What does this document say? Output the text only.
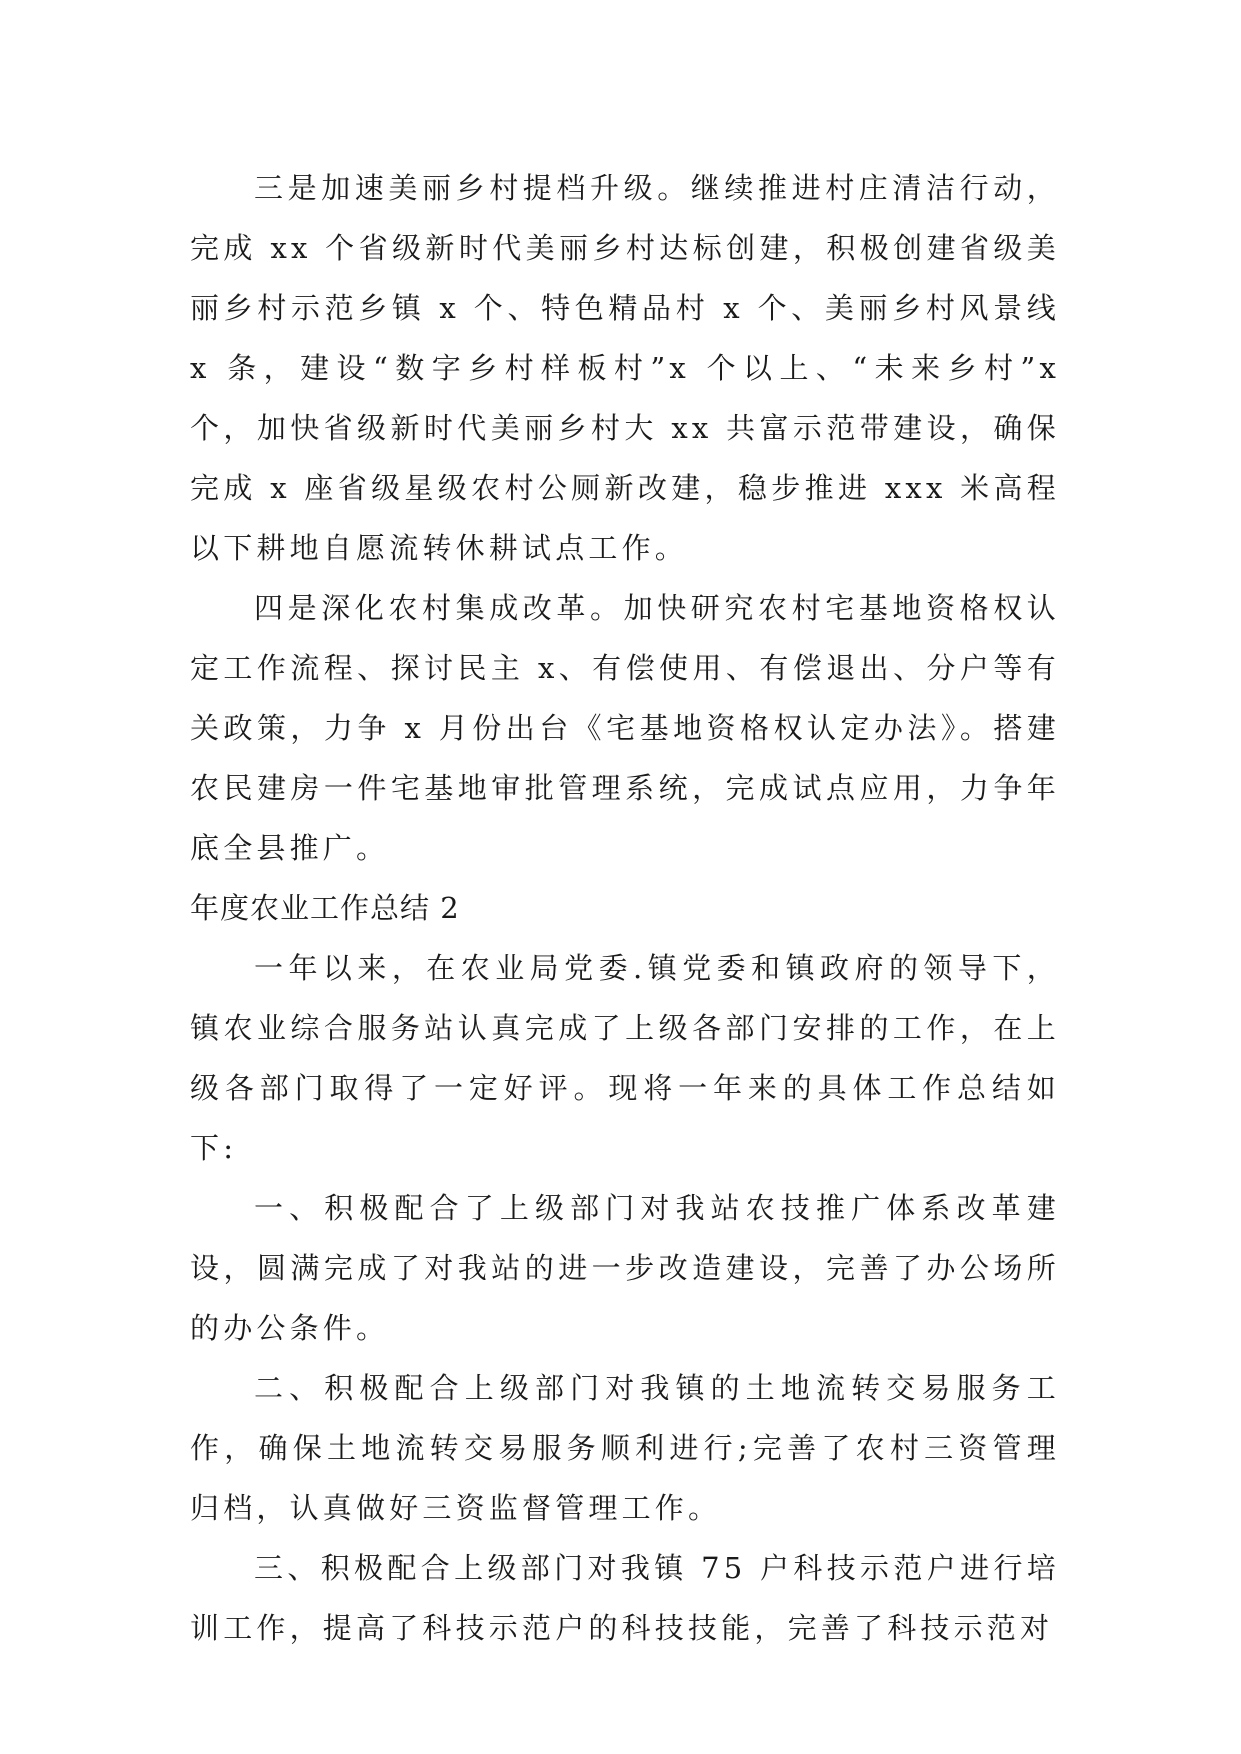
三是加速美丽乡村提档升级。继续推进村庄清洁行动，完成 xx 个省级新时代美丽乡村达标创建，积极创建省级美丽乡村示范乡镇 x 个、特色精品村 x 个、美丽乡村风景线 x 条，建设“数字乡村样板村”x 个以上、“未来乡村”x 个，加快省级新时代美丽乡村大 xx 共富示范带建设，确保完成 x 座省级星级农村公厕新改建，稳步推进 xxx 米高程以下耕地自愿流转休耕试点工作。

四是深化农村集成改革。加快研究农村宅基地资格权认定工作流程、探讨民主 x、有偿使用、有偿退出、分户等有关政策，力争 x 月份出台《宅基地资格权认定办法》。搭建农民建房一件宅基地审批管理系统，完成试点应用，力争年底全县推广。

年度农业工作总结 2

一年以来，在农业局党委.镇党委和镇政府的领导下，镇农业综合服务站认真完成了上级各部门安排的工作，在上级各部门取得了一定好评。现将一年来的具体工作总结如下:

一、积极配合了上级部门对我站农技推广体系改革建设，圆满完成了对我站的进一步改造建设，完善了办公场所的办公条件。

二、积极配合上级部门对我镇的土地流转交易服务工作，确保土地流转交易服务顺利进行;完善了农村三资管理归档，认真做好三资监督管理工作。

三、积极配合上级部门对我镇 75 户科技示范户进行培训工作，提高了科技示范户的科技技能，完善了科技示范对
